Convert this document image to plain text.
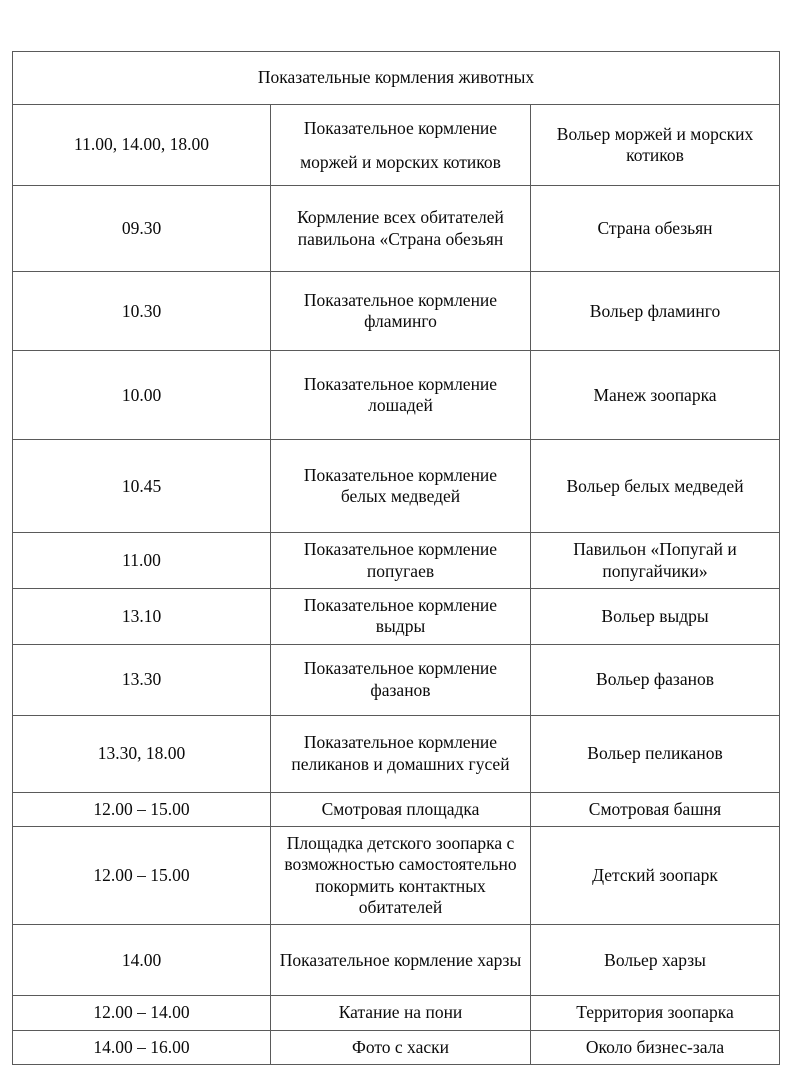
Показательные кормления животных		

11.00, 14.00, 18.00	Показательное кормление моржей и морских котиков	Вольер моржей и морских котиков

09.30	Кормление всех обитателей павильона «Страна обезьян	Страна обезьян

10.30	Показательное кормление фламинго	Вольер фламинго

10.00	Показательное кормление лошадей	Манеж зоопарка

10.45	Показательное кормление белых медведей	Вольер белых медведей

11.00	Показательное кормление попугаев	Павильон «Попугай и попугайчики»

13.10	Показательное кормление выдры	Вольер выдры

13.30	Показательное кормление фазанов	Вольер фазанов

13.30, 18.00	Показательное кормление пеликанов и домашних гусей	Вольер пеликанов

12.00 – 15.00	Смотровая площадка	Смотровая башня

12.00 – 15.00	Площадка детского зоопарка с возможностью самостоятельно покормить контактных обитателей	Детский зоопарк

14.00	Показательное кормление харзы	Вольер харзы

12.00 – 14.00	Катание на пони	Территория зоопарка

14.00 – 16.00	Фото с хаски	Около бизнес-зала
